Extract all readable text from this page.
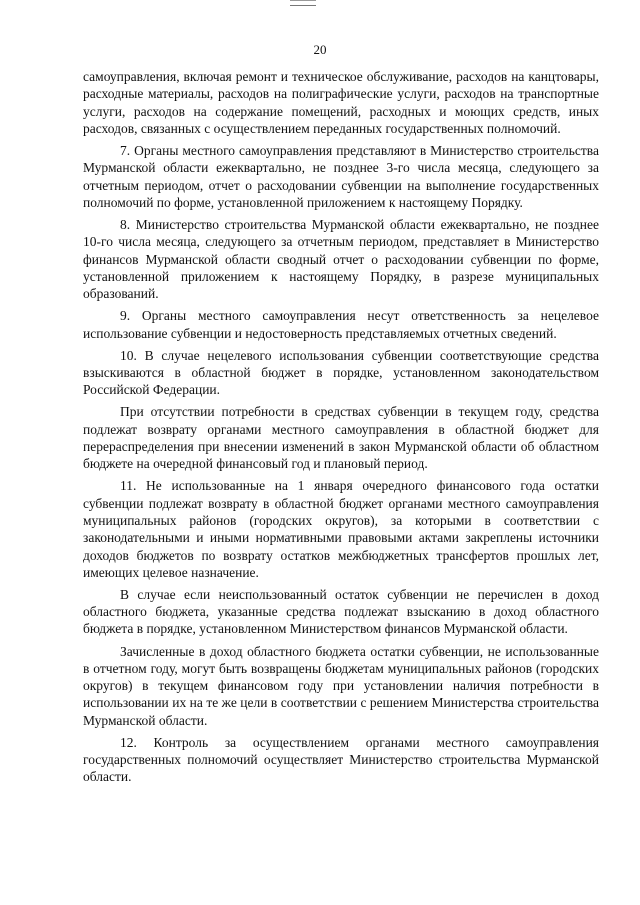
20

самоуправления, включая ремонт и техническое обслуживание, расходов на канцтовары, расходные материалы, расходов на полиграфические услуги, расходов на транспортные услуги, расходов на содержание помещений, расходных и моющих средств, иных расходов, связанных с осуществлением переданных государственных полномочий.

7. Органы местного самоуправления представляют в Министерство строительства Мурманской области ежеквартально, не позднее 3-го числа месяца, следующего за отчетным периодом, отчет о расходовании субвенции на выполнение государственных полномочий по форме, установленной приложением к настоящему Порядку.

8. Министерство строительства Мурманской области ежеквартально, не позднее 10-го числа месяца, следующего за отчетным периодом, представляет в Министерство финансов Мурманской области сводный отчет о расходовании субвенции по форме, установленной приложением к настоящему Порядку, в разрезе муниципальных образований.

9. Органы местного самоуправления несут ответственность за нецелевое использование субвенции и недостоверность представляемых отчетных сведений.

10. В случае нецелевого использования субвенции соответствующие средства взыскиваются в областной бюджет в порядке, установленном законодательством Российской Федерации.

При отсутствии потребности в средствах субвенции в текущем году, средства подлежат возврату органами местного самоуправления в областной бюджет для перераспределения при внесении изменений в закон Мурманской области об областном бюджете на очередной финансовый год и плановый период.

11. Не использованные на 1 января очередного финансового года остатки субвенции подлежат возврату в областной бюджет органами местного самоуправления муниципальных районов (городских округов), за которыми в соответствии с законодательными и иными нормативными правовыми актами закреплены источники доходов бюджетов по возврату остатков межбюджетных трансфертов прошлых лет, имеющих целевое назначение.

В случае если неиспользованный остаток субвенции не перечислен в доход областного бюджета, указанные средства подлежат взысканию в доход областного бюджета в порядке, установленном Министерством финансов Мурманской области.

Зачисленные в доход областного бюджета остатки субвенции, не использованные в отчетном году, могут быть возвращены бюджетам муниципальных районов (городских округов) в текущем финансовом году при установлении наличия потребности в использовании их на те же цели в соответствии с решением Министерства строительства Мурманской области.

12. Контроль за осуществлением органами местного самоуправления государственных полномочий осуществляет Министерство строительства Мурманской области.
